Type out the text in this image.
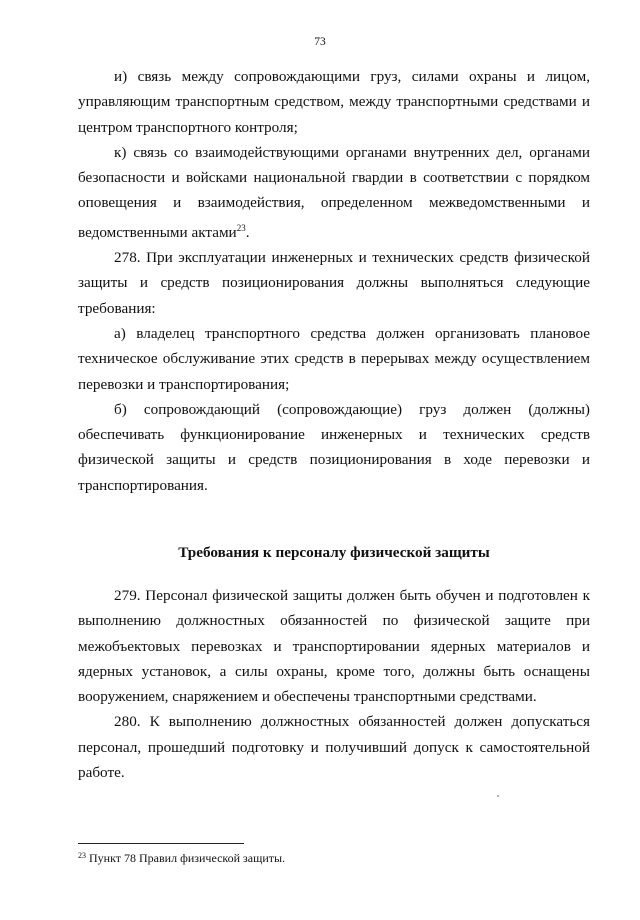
73

и) связь между сопровождающими груз, силами охраны и лицом, управляющим транспортным средством, между транспортными средствами и центром транспортного контроля;

к) связь со взаимодействующими органами внутренних дел, органами безопасности и войсками национальной гвардии в соответствии с порядком оповещения и взаимодействия, определенном межведомственными и ведомственными актами$^{23}$.

278. При эксплуатации инженерных и технических средств физической защиты и средств позиционирования должны выполняться следующие требования:

а) владелец транспортного средства должен организовать плановое техническое обслуживание этих средств в перерывах между осуществлением перевозки и транспортирования;

б) сопровождающий (сопровождающие) груз должен (должны) обеспечивать функционирование инженерных и технических средств физической защиты и средств позиционирования в ходе перевозки и транспортирования.

Требования к персоналу физической защиты

279. Персонал физической защиты должен быть обучен и подготовлен к выполнению должностных обязанностей по физической защите при межобъектовых перевозках и транспортировании ядерных материалов и ядерных установок, а силы охраны, кроме того, должны быть оснащены вооружением, снаряжением и обеспечены транспортными средствами.

280. К выполнению должностных обязанностей должен допускаться персонал, прошедший подготовку и получивший допуск к самостоятельной работе.

$^{23}$ Пункт 78 Правил физической защиты.
